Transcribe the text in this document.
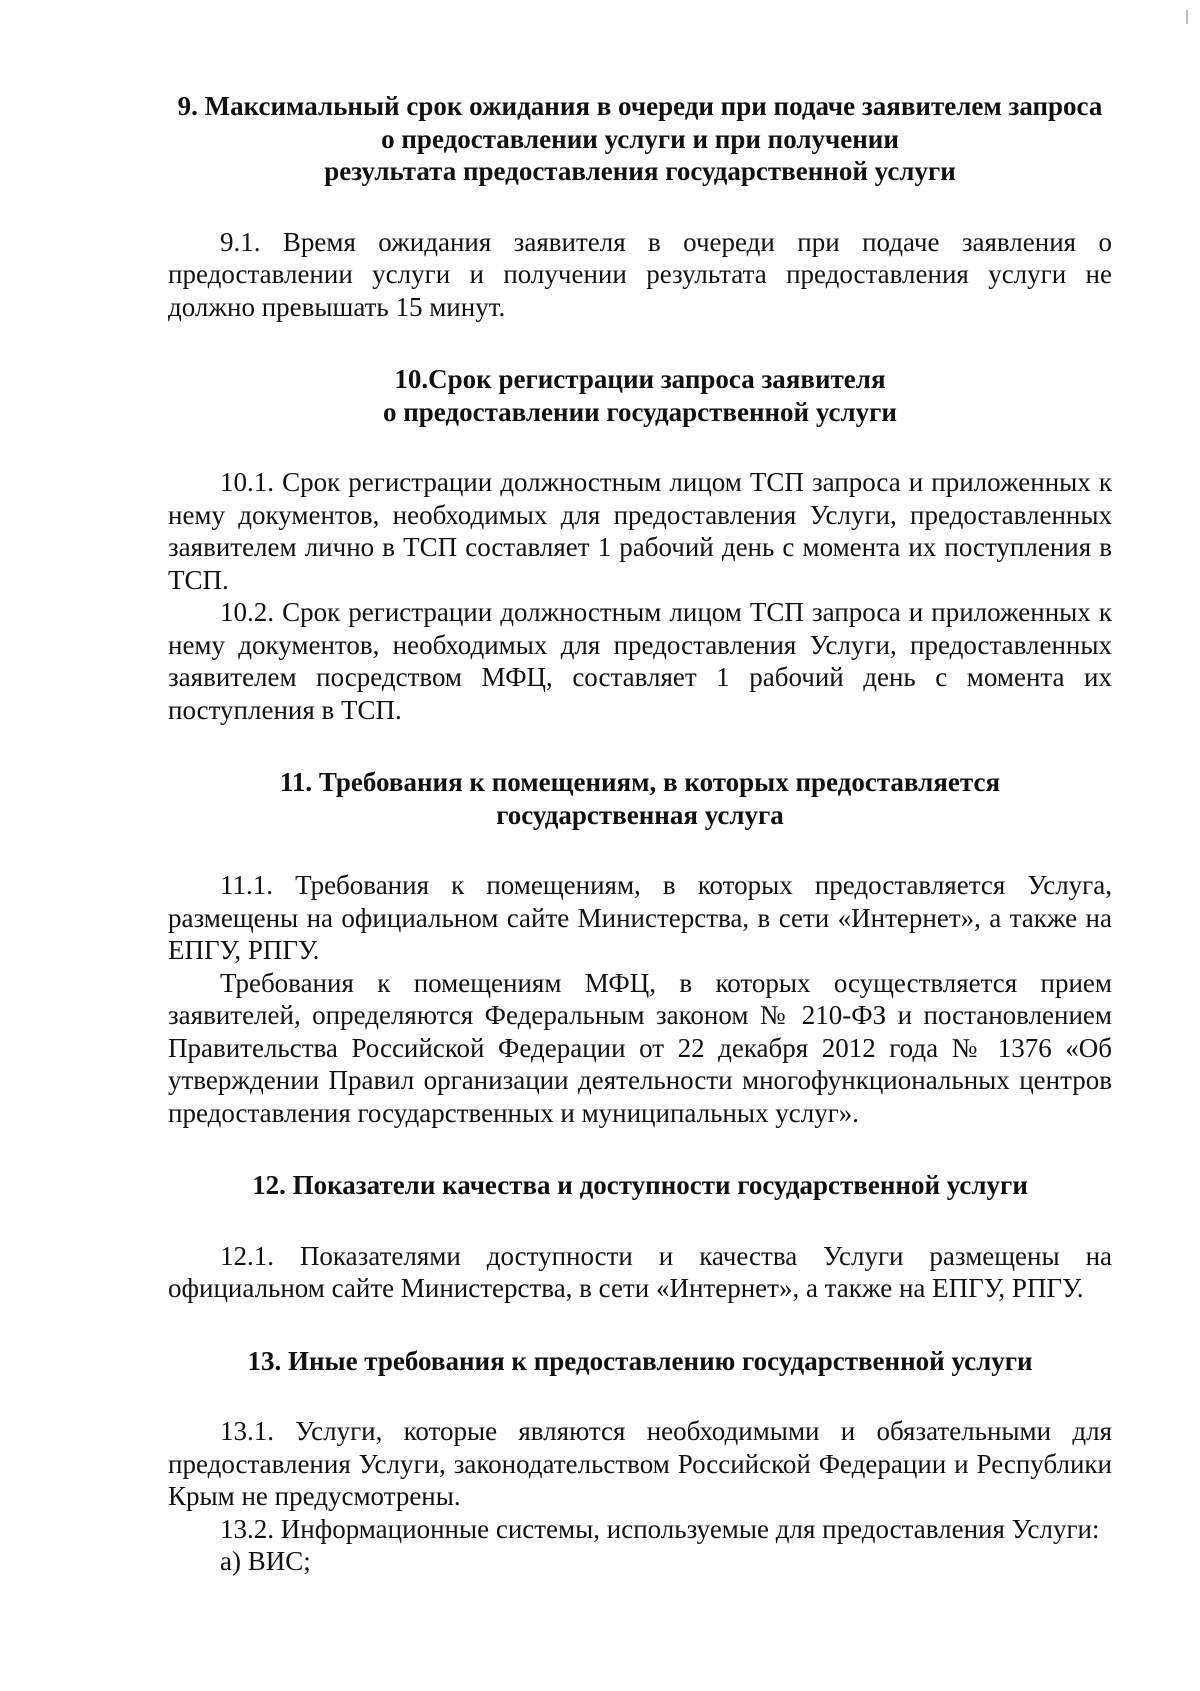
9. Максимальный срок ожидания в очереди при подаче заявителем запроса
о предоставлении услуги и при получении
результата предоставления государственной услуги

9.1. Время ожидания заявителя в очереди при подаче заявления о предоставлении услуги и получении результата предоставления услуги не должно превышать 15 минут.

10.Срок регистрации запроса заявителя
о предоставлении государственной услуги

10.1. Срок регистрации должностным лицом ТСП запроса и приложенных к нему документов, необходимых для предоставления Услуги, предоставленных заявителем лично в ТСП составляет 1 рабочий день с момента их поступления в ТСП.

10.2. Срок регистрации должностным лицом ТСП запроса и приложенных к нему документов, необходимых для предоставления Услуги, предоставленных заявителем посредством МФЦ, составляет 1 рабочий день с момента их поступления в ТСП.

11. Требования к помещениям, в которых предоставляется
государственная услуга

11.1. Требования к помещениям, в которых предоставляется Услуга, размещены на официальном сайте Министерства, в сети «Интернет», а также на ЕПГУ, РПГУ.

Требования к помещениям МФЦ, в которых осуществляется прием заявителей, определяются Федеральным законом № 210-ФЗ и постановлением Правительства Российской Федерации от 22 декабря 2012 года № 1376 «Об утверждении Правил организации деятельности многофункциональных центров предоставления государственных и муниципальных услуг».

12. Показатели качества и доступности государственной услуги

12.1. Показателями доступности и качества Услуги размещены на официальном сайте Министерства, в сети «Интернет», а также на ЕПГУ, РПГУ.

13. Иные требования к предоставлению государственной услуги

13.1. Услуги, которые являются необходимыми и обязательными для предоставления Услуги, законодательством Российской Федерации и Республики Крым не предусмотрены.

13.2. Информационные системы, используемые для предоставления Услуги:

а) ВИС;
